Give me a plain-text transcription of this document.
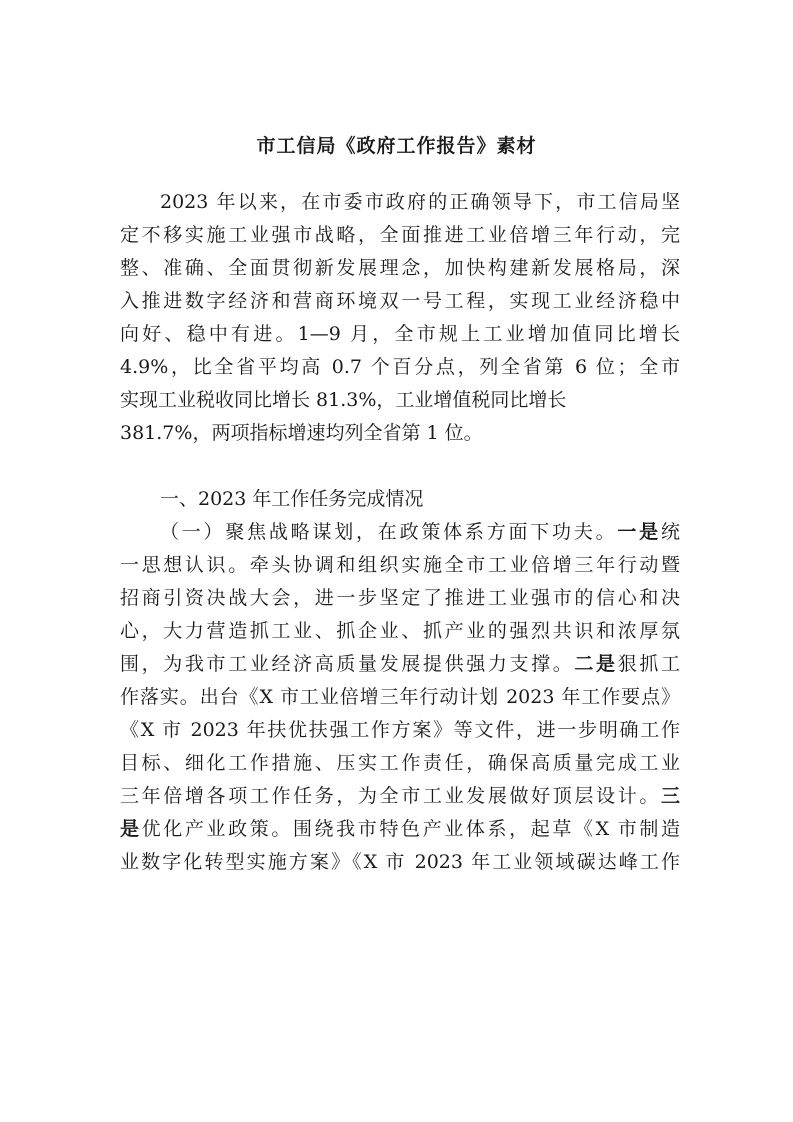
市工信局《政府工作报告》素材
2023 年以来，在市委市政府的正确领导下，市工信局坚
定不移实施工业强市战略，全面推进工业倍增三年行动，完
整、准确、全面贯彻新发展理念，加快构建新发展格局，深
入推进数字经济和营商环境双一号工程，实现工业经济稳中
向好、稳中有进。1—9 月，全市规上工业增加值同比增长
4.9%，比全省平均高 0.7 个百分点，列全省第 6 位；全市
实现工业税收同比增长 81.3%，工业增值税同比增长
381.7%，两项指标增速均列全省第 1 位。
一、2023 年工作任务完成情况
（一）聚焦战略谋划，在政策体系方面下功夫。一是统
一思想认识。牵头协调和组织实施全市工业倍增三年行动暨
招商引资决战大会，进一步坚定了推进工业强市的信心和决
心，大力营造抓工业、抓企业、抓产业的强烈共识和浓厚氛
围，为我市工业经济高质量发展提供强力支撑。二是狠抓工
作落实。出台《X 市工业倍增三年行动计划 2023 年工作要点》
《X 市 2023 年扶优扶强工作方案》等文件，进一步明确工作
目标、细化工作措施、压实工作责任，确保高质量完成工业
三年倍增各项工作任务，为全市工业发展做好顶层设计。三
是优化产业政策。围绕我市特色产业体系，起草《X 市制造
业数字化转型实施方案》《X 市 2023 年工业领域碳达峰工作
